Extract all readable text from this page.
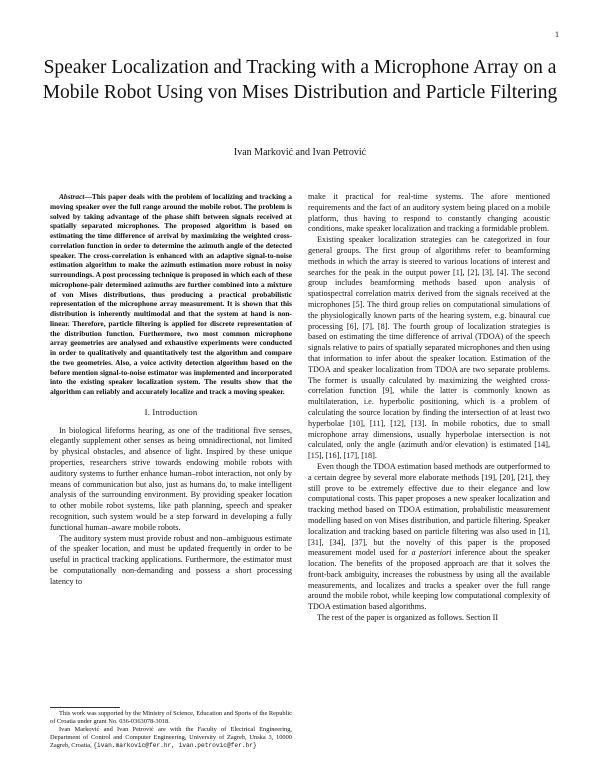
1
Speaker Localization and Tracking with a Microphone Array on a Mobile Robot Using von Mises Distribution and Particle Filtering
Ivan Marković and Ivan Petrović

Abstract—This paper deals with the problem of localizing and tracking a moving speaker over the full range around the mobile robot. The problem is solved by taking advantage of the phase shift between signals received at spatially separated microphones. The proposed algorithm is based on estimating the time difference of arrival by maximizing the weighted cross-correlation function in order to determine the azimuth angle of the detected speaker. The cross-correlation is enhanced with an adaptive signal-to-noise estimation algorithm to make the azimuth estimation more robust in noisy surroundings. A post processing technique is proposed in which each of these microphone-pair determined azimuths are further combined into a mixture of von Mises distributions, thus producing a practical probabilistic representation of the microphone array measurement. It is shown that this distribution is inherently multimodal and that the system at hand is non-linear. Therefore, particle filtering is applied for discrete representation of the distribution function. Furthermore, two most common microphone array geometries are analysed and exhaustive experiments were conducted in order to qualitatively and quantitatively test the algorithm and compare the two geometries. Also, a voice activity detection algorithm based on the before mention signal-to-noise estimator was implemented and incorporated into the existing speaker localization system. The results show that the algorithm can reliably and accurately localize and track a moving speaker.

I. Introduction

In biological lifeforms hearing, as one of the traditional five senses, elegantly supplement other senses as being omnidirectional, not limited by physical obstacles, and absence of light. Inspired by these unique properties, researchers strive towards endowing mobile robots with auditory systems to further enhance human–robot interaction, not only by means of communication but also, just as humans do, to make intelligent analysis of the surrounding environment. By providing speaker location to other mobile robot systems, like path planning, speech and speaker recognition, such system would be a step forward in developing a fully functional human–aware mobile robots.

The auditory system must provide robust and non–ambiguous estimate of the speaker location, and must be updated frequently in order to be useful in practical tracking applications. Furthermore, the estimator must be computationally non-demanding and possess a short processing latency to

make it practical for real-time systems. The afore mentioned requirements and the fact of an auditory system being placed on a mobile platform, thus having to respond to constantly changing acoustic conditions, make speaker localization and tracking a formidable problem.

Existing speaker localization strategies can be categorized in four general groups. The first group of algorithms refer to beamforming methods in which the array is steered to various locations of interest and searches for the peak in the output power [1], [2], [3], [4]. The second group includes beamforming methods based upon analysis of spatiospectral correlation matrix derived from the signals received at the microphones [5]. The third group relies on computational simulations of the physiologically known parts of the hearing system, e.g. binaural cue processing [6], [7], [8]. The fourth group of localization strategies is based on estimating the time difference of arrival (TDOA) of the speech signals relative to pairs of spatially separated microphones and then using that information to infer about the speaker location. Estimation of the TDOA and speaker localization from TDOA are two separate problems. The former is usually calculated by maximizing the weighted cross-correlation function [9], while the latter is commonly known as multilateration, i.e. hyperbolic positioning, which is a problem of calculating the source location by finding the intersection of at least two hyperbolae [10], [11], [12], [13]. In mobile robotics, due to small microphone array dimensions, usually hyperbolae intersection is not calculated, only the angle (azimuth and/or elevation) is estimated [14], [15], [16], [17], [18].

Even though the TDOA estimation based methods are outperformed to a certain degree by several more elaborate methods [19], [20], [21], they still prove to be extremely effective due to their elegance and low computational costs. This paper proposes a new speaker localization and tracking method based on TDOA estimation, probabilistic measurement modelling based on von Mises distribution, and particle filtering. Speaker localization and tracking based on particle filtering was also used in [1], [31], [34], [37], but the novelty of this paper is the proposed measurement model used for a posteriori inference about the speaker location. The benefits of the proposed approach are that it solves the front-back ambiguity, increases the robustness by using all the available measurements, and localizes and tracks a speaker over the full range around the mobile robot, while keeping low computational complexity of TDOA estimation based algorithms.

The rest of the paper is organized as follows. Section II

This work was supported by the Ministry of Science, Education and Sports of the Republic of Croatia under grant No. 036-0363078-3018.

Ivan Marković and Ivan Petrović are with the Faculty of Electrical Engineering, Department of Control and Computer Engineering, University of Zagreb, Unska 3, 10000 Zagreb, Croatia, {ivan.markovic@fer.hr, ivan.petrovic@fer.hr}
